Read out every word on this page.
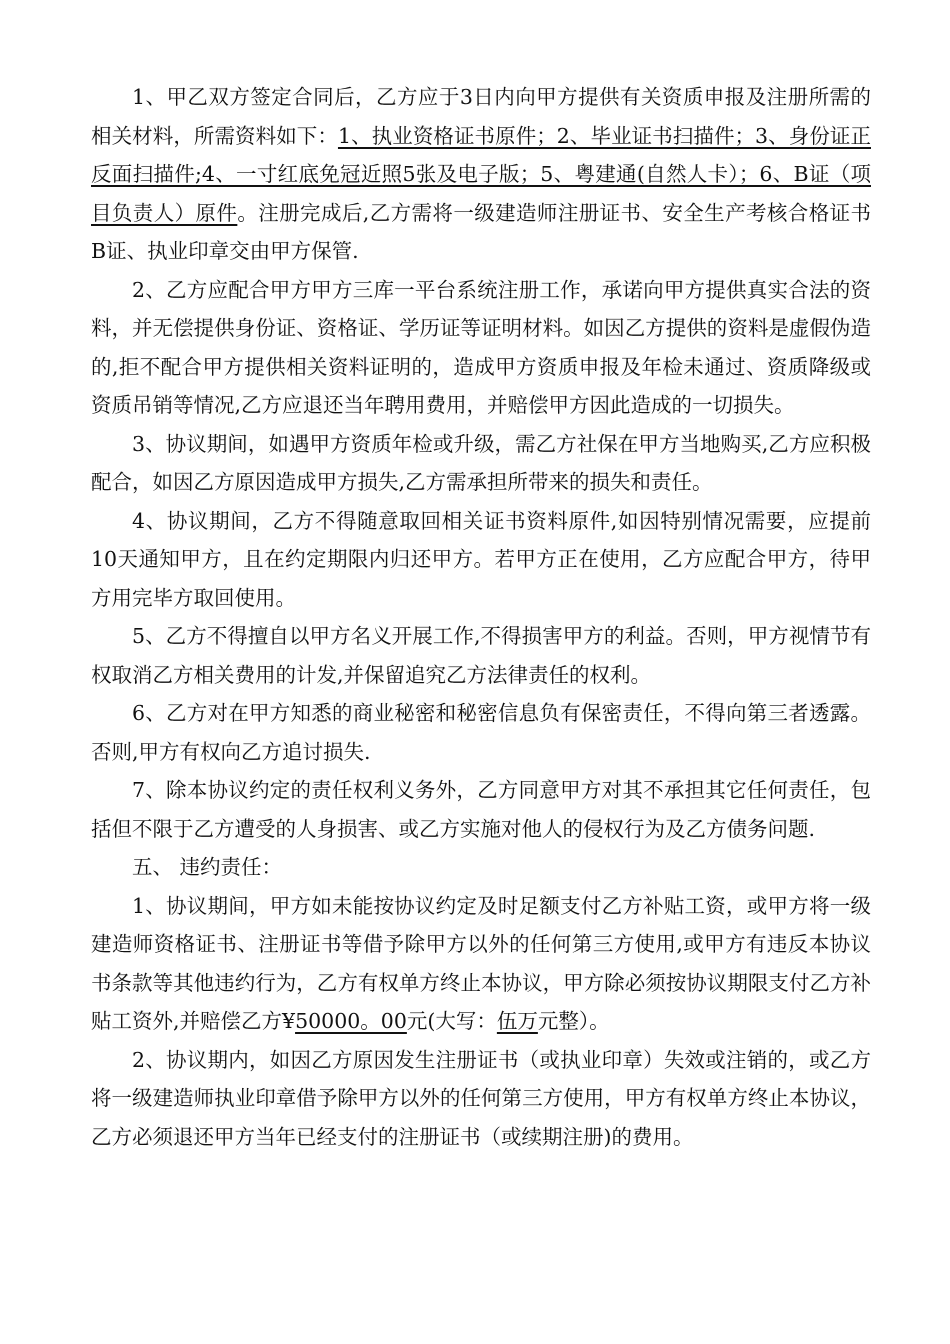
1、甲乙双方签定合同后，乙方应于3日内向甲方提供有关资质申报及注册所需的相关材料，所需资料如下：1、执业资格证书原件；2、毕业证书扫描件；3、身份证正反面扫描件;4、一寸红底免冠近照5张及电子版；5、粤建通(自然人卡）；6、B证（项目负责人）原件。注册完成后,乙方需将一级建造师注册证书、安全生产考核合格证书B证、执业印章交由甲方保管.

2、乙方应配合甲方甲方三库一平台系统注册工作，承诺向甲方提供真实合法的资料，并无偿提供身份证、资格证、学历证等证明材料。如因乙方提供的资料是虚假伪造的,拒不配合甲方提供相关资料证明的，造成甲方资质申报及年检未通过、资质降级或资质吊销等情况,乙方应退还当年聘用费用，并赔偿甲方因此造成的一切损失。

3、协议期间，如遇甲方资质年检或升级，需乙方社保在甲方当地购买,乙方应积极配合，如因乙方原因造成甲方损失,乙方需承担所带来的损失和责任。

4、协议期间，乙方不得随意取回相关证书资料原件,如因特别情况需要，应提前10天通知甲方，且在约定期限内归还甲方。若甲方正在使用，乙方应配合甲方，待甲方用完毕方取回使用。

5、乙方不得擅自以甲方名义开展工作,不得损害甲方的利益。否则，甲方视情节有权取消乙方相关费用的计发,并保留追究乙方法律责任的权利。

6、乙方对在甲方知悉的商业秘密和秘密信息负有保密责任，不得向第三者透露。否则,甲方有权向乙方追讨损失.

7、除本协议约定的责任权利义务外，乙方同意甲方对其不承担其它任何责任，包括但不限于乙方遭受的人身损害、或乙方实施对他人的侵权行为及乙方债务问题.

五、 违约责任：

1、协议期间，甲方如未能按协议约定及时足额支付乙方补贴工资，或甲方将一级建造师资格证书、注册证书等借予除甲方以外的任何第三方使用,或甲方有违反本协议书条款等其他违约行为，乙方有权单方终止本协议，甲方除必须按协议期限支付乙方补贴工资外,并赔偿乙方¥50000。00元(大写：伍万元整）。

2、协议期内，如因乙方原因发生注册证书（或执业印章）失效或注销的，或乙方将一级建造师执业印章借予除甲方以外的任何第三方使用，甲方有权单方终止本协议，乙方必须退还甲方当年已经支付的注册证书（或续期注册)的费用。
